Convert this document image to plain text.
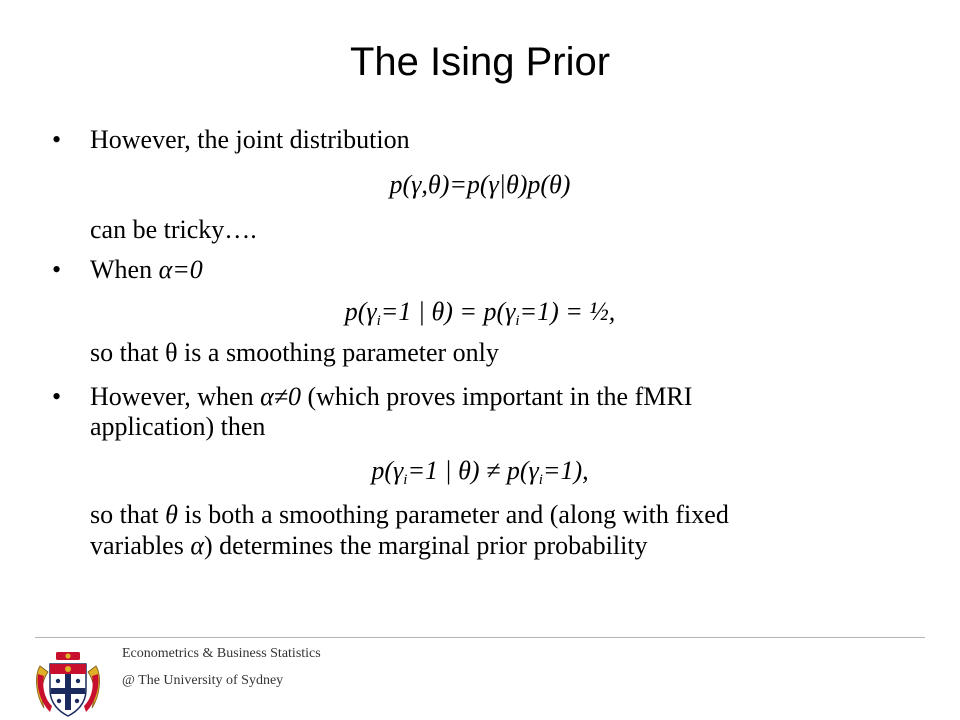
The Ising Prior
• However, the joint distribution
p(γ,θ)=p(γ|θ)p(θ)
can be tricky….
• When α=0
$p(\gamma_i=1$ | $\theta) = p(\gamma_i=1)$ = ½,
so that θ is a smoothing parameter only
• However, when α≠0 (which proves important in the fMRI
application) then
$p(\gamma_i=1$ | $\theta) \ne p(\gamma_i=1)$,
so that θ is both a smoothing parameter and (along with fixed
variables α) determines the marginal prior probability
Econometrics & Business Statistics
@ The University of Sydney
